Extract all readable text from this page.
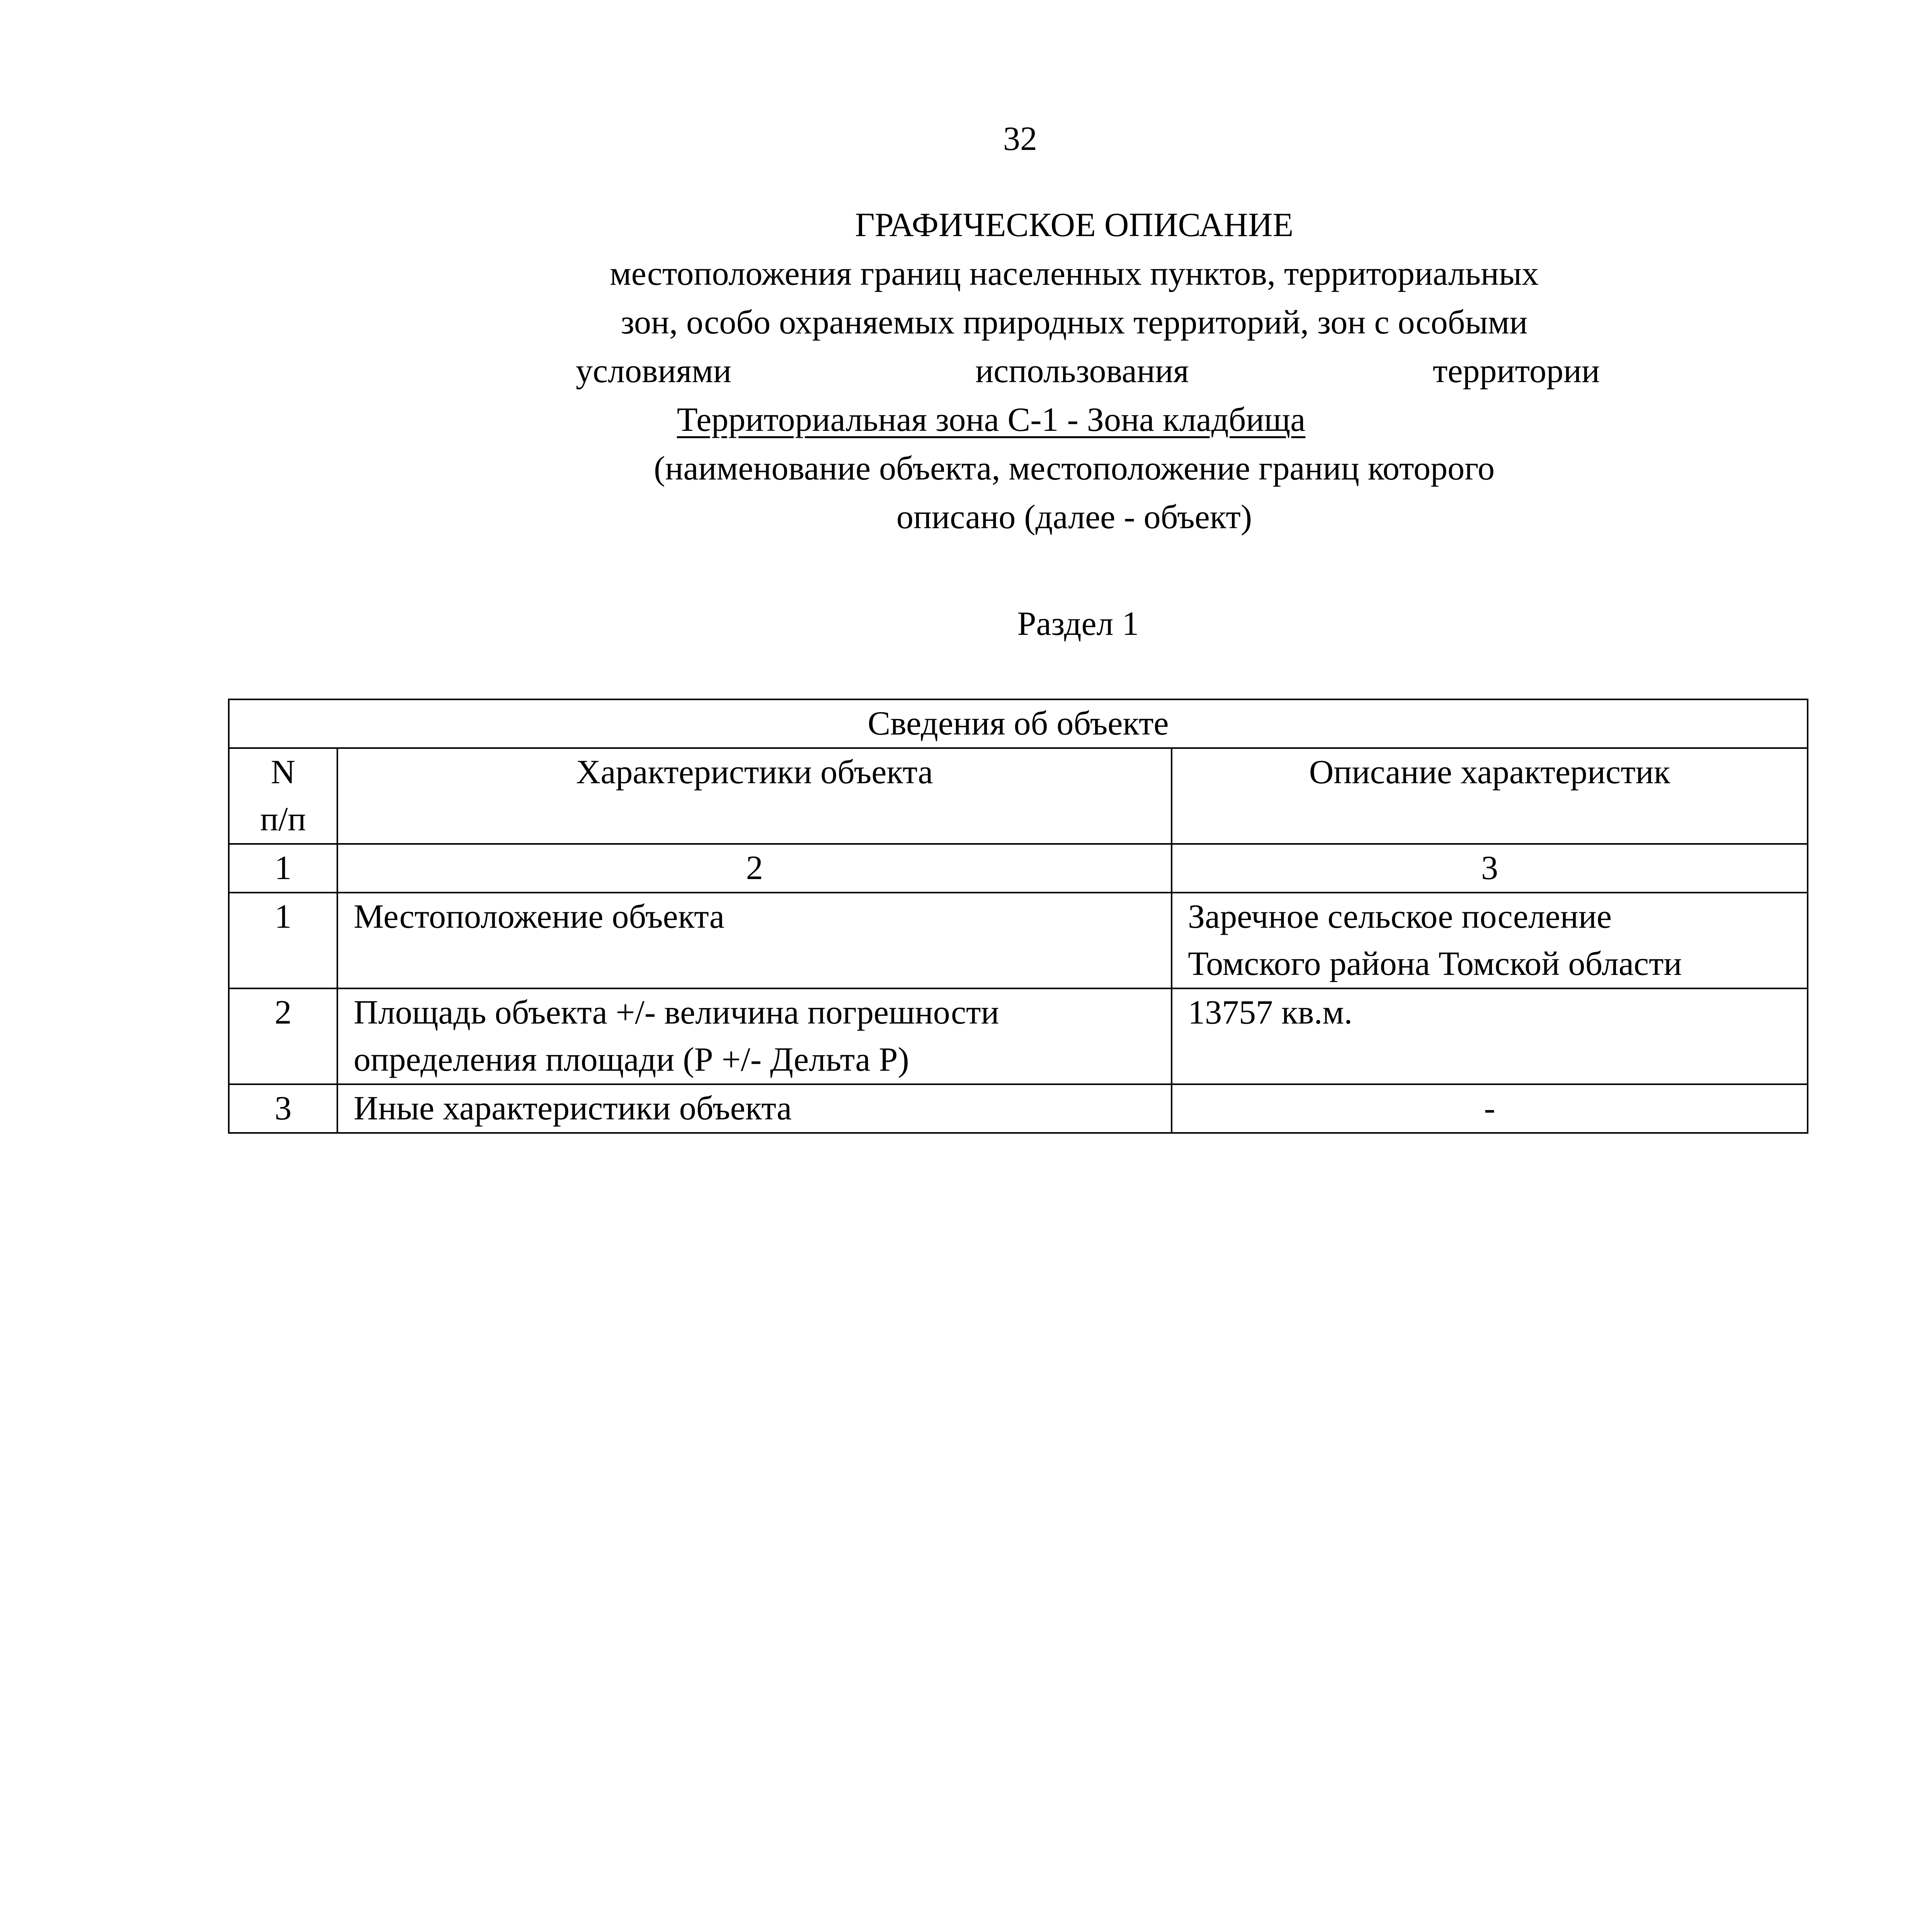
32
ГРАФИЧЕСКОЕ ОПИСАНИЕ
местоположения границ населенных пунктов, территориальных
зон, особо охраняемых природных территорий, зон с особыми
условиями	использования	территории
Территориальная зона С-1 - Зона кладбища
(наименование объекта, местоположение границ которого
описано (далее - объект)
Раздел 1
Сведения об объекте		

N
п/п	Характеристики объекта	Описание характеристик
1	2	3
1	Местоположение объекта	Заречное сельское поселение
Томского района Томской области

2	Площадь объекта +/- величина погрешности
определения площади (Р +/- Дельта Р)	13757 кв.м.

3	Иные характеристики объекта	-
